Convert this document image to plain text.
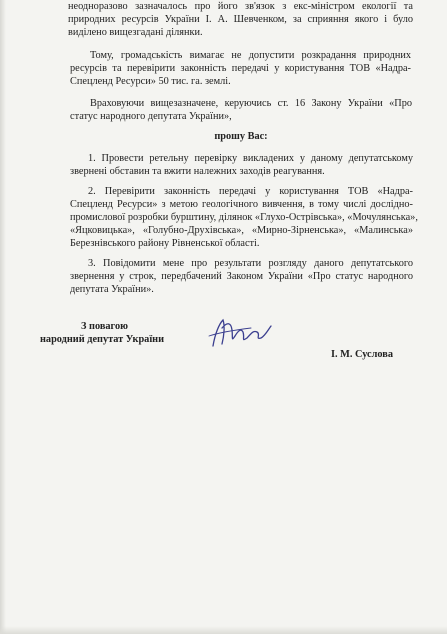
неодноразово зазначалось про його зв'язок з екс-міністром екології та
природних ресурсів України І. А. Шевченком, за сприяння якого і було
виділено вищезгадані ділянки.
Тому, громадськість вимагає не допустити розкрадання природних
ресурсів та перевірити законність передачі у користування ТОВ «Надра-
Спецленд Ресурси» 50 тис. га. землі.
Враховуючи вищезазначене, керуючись ст. 16 Закону України «Про
статус народного депутата України»,
прошу Вас:
1. Провести ретельну перевірку викладених у даному депутатському
звернені обставин та вжити належних заходів реагування.
2. Перевірити законність передачі у користування ТОВ «Надра-
Спецленд Ресурси» з метою геологічного вивчення, в тому числі дослідно-
промислової розробки бурштину, ділянок «Глухо-Острівська», «Мочулянська»,
«Яцковицька», «Голубно-Друхівська», «Мирно-Зірненська», «Малинська»
Березнівського району Рівненської області.
3. Повідомити мене про результати розгляду даного депутатського
звернення у строк, передбачений Законом України «Про статус народного
депутата України».
З повагою
народний депутат України
І. М. Суслова
